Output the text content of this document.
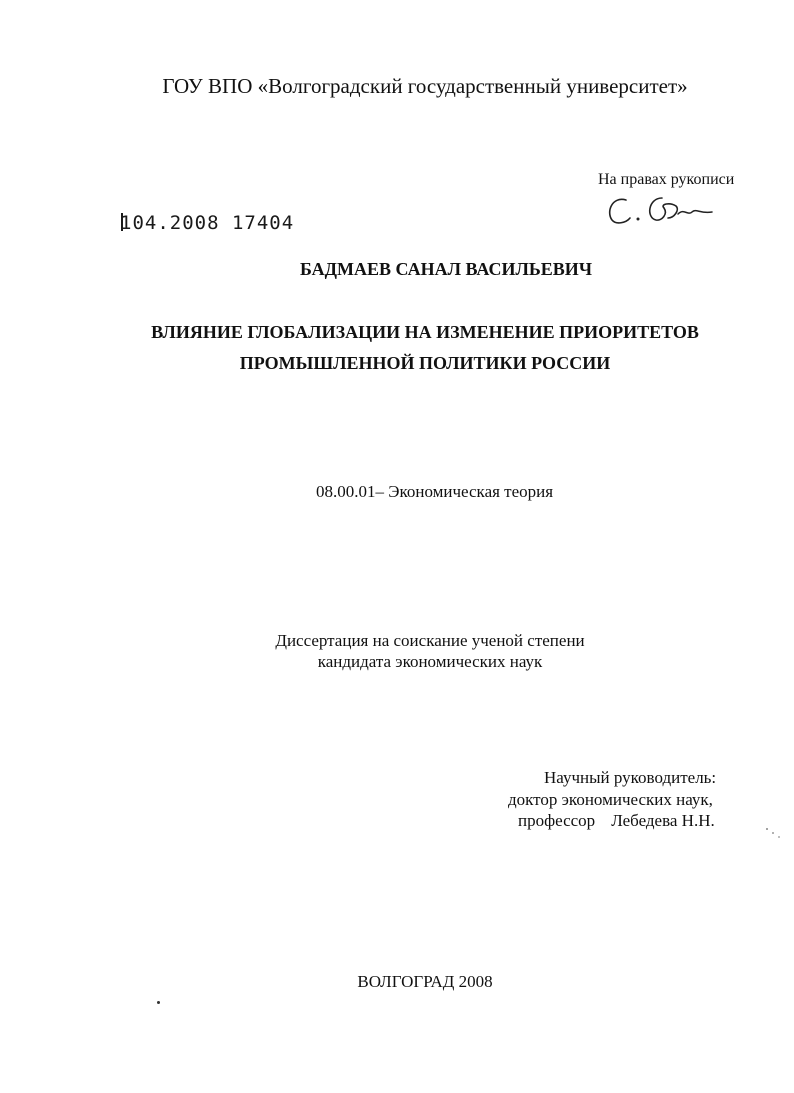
ГОУ ВПО «Волгоградский государственный университет»
На правах рукописи
104.2008 17404
БАДМАЕВ САНАЛ ВАСИЛЬЕВИЧ
ВЛИЯНИЕ ГЛОБАЛИЗАЦИИ НА ИЗМЕНЕНИЕ ПРИОРИТЕТОВ
ПРОМЫШЛЕННОЙ ПОЛИТИКИ РОССИИ
08.00.01– Экономическая теория
Диссертация на соискание ученой степени
кандидата экономических наук
Научный руководитель:
доктор экономических наук,
профессор Лебедева Н.Н.
ВОЛГОГРАД 2008
